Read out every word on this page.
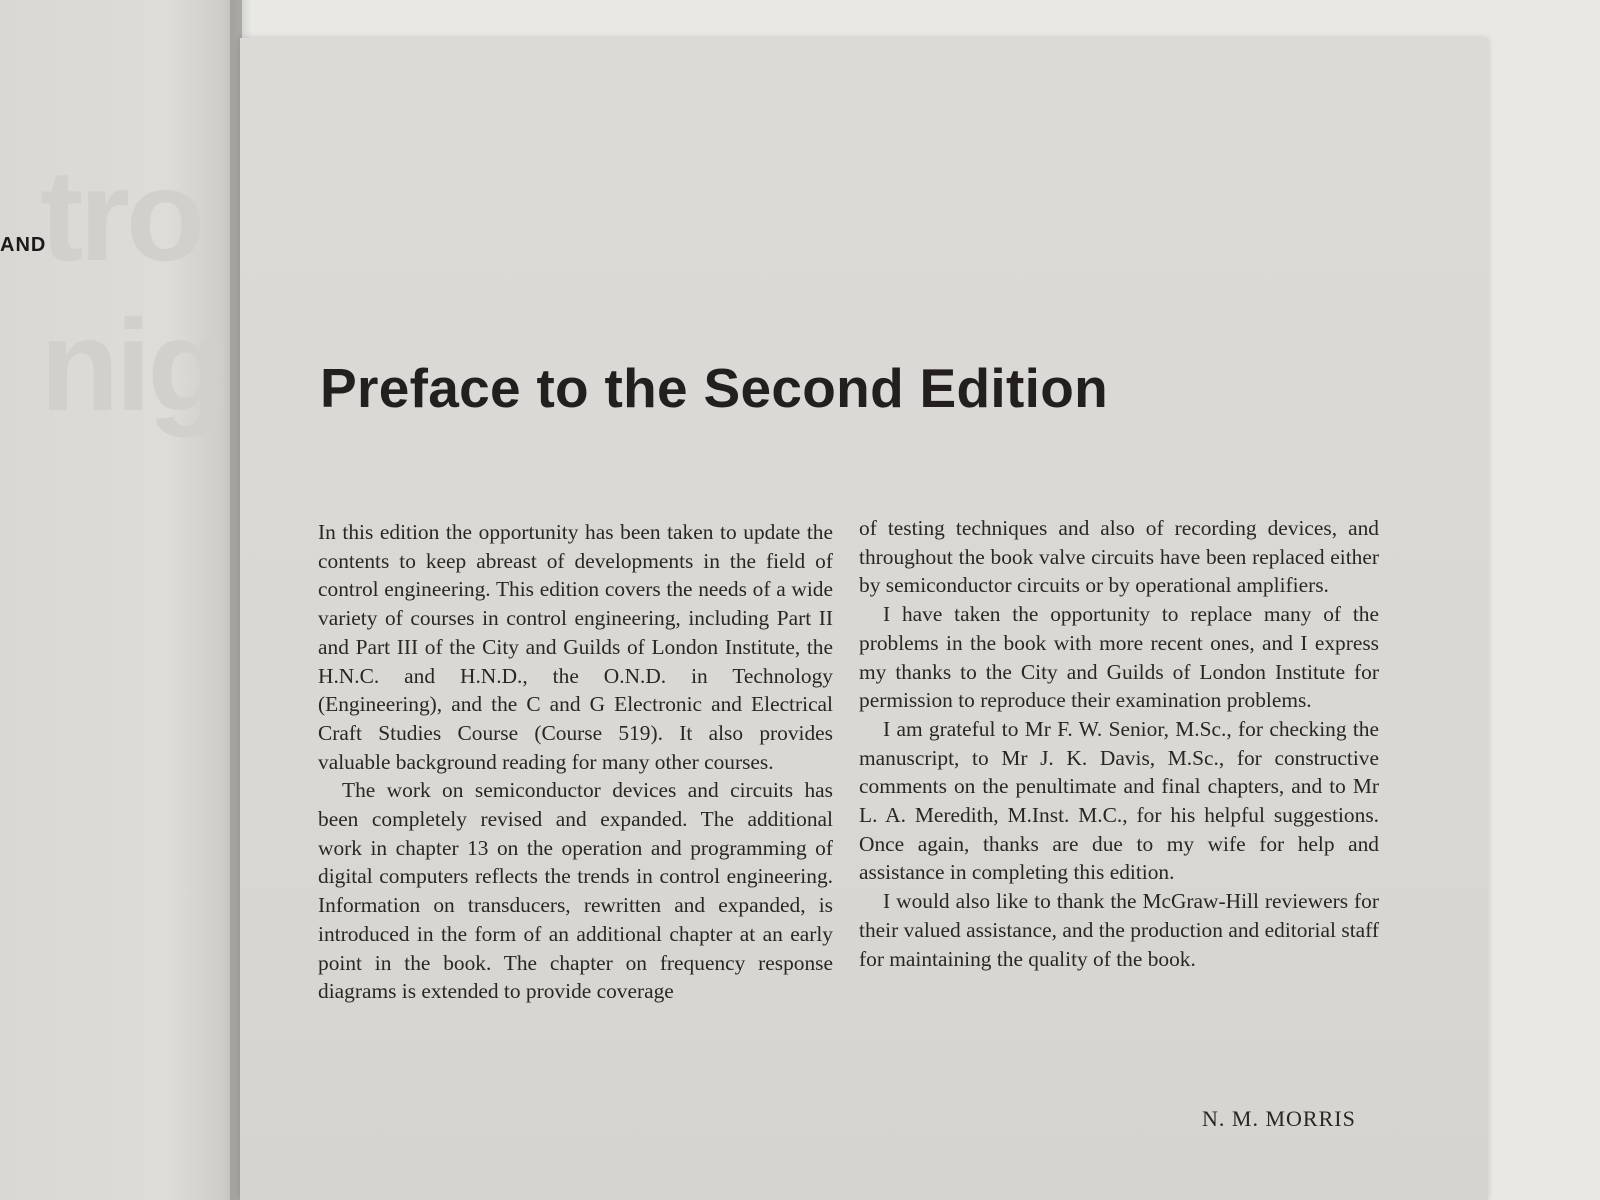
tro
nig
AND
Preface to the Second Edition

In this edition the opportunity has been taken to update the contents to keep abreast of developments in the field of control engineering. This edition covers the needs of a wide variety of courses in control engineering, including Part II and Part III of the City and Guilds of London Institute, the H.N.C. and H.N.D., the O.N.D. in Technology (Engineering), and the C and G Electronic and Electrical Craft Studies Course (Course 519). It also provides valuable background reading for many other courses.

The work on semiconductor devices and circuits has been completely revised and expanded. The additional work in chapter 13 on the operation and programming of digital computers reflects the trends in control engineering. Information on transducers, rewritten and expanded, is introduced in the form of an additional chapter at an early point in the book. The chapter on frequency response diagrams is extended to provide coverage

of testing techniques and also of recording devices, and throughout the book valve circuits have been replaced either by semiconductor circuits or by operational amplifiers.

I have taken the opportunity to replace many of the problems in the book with more recent ones, and I express my thanks to the City and Guilds of London Institute for permission to reproduce their examination problems.

I am grateful to Mr F. W. Senior, M.Sc., for checking the manuscript, to Mr J. K. Davis, M.Sc., for constructive comments on the penultimate and final chapters, and to Mr L. A. Meredith, M.Inst. M.C., for his helpful suggestions. Once again, thanks are due to my wife for help and assistance in completing this edition.

I would also like to thank the McGraw-Hill reviewers for their valued assistance, and the production and editorial staff for maintaining the quality of the book.

N. M. MORRIS
